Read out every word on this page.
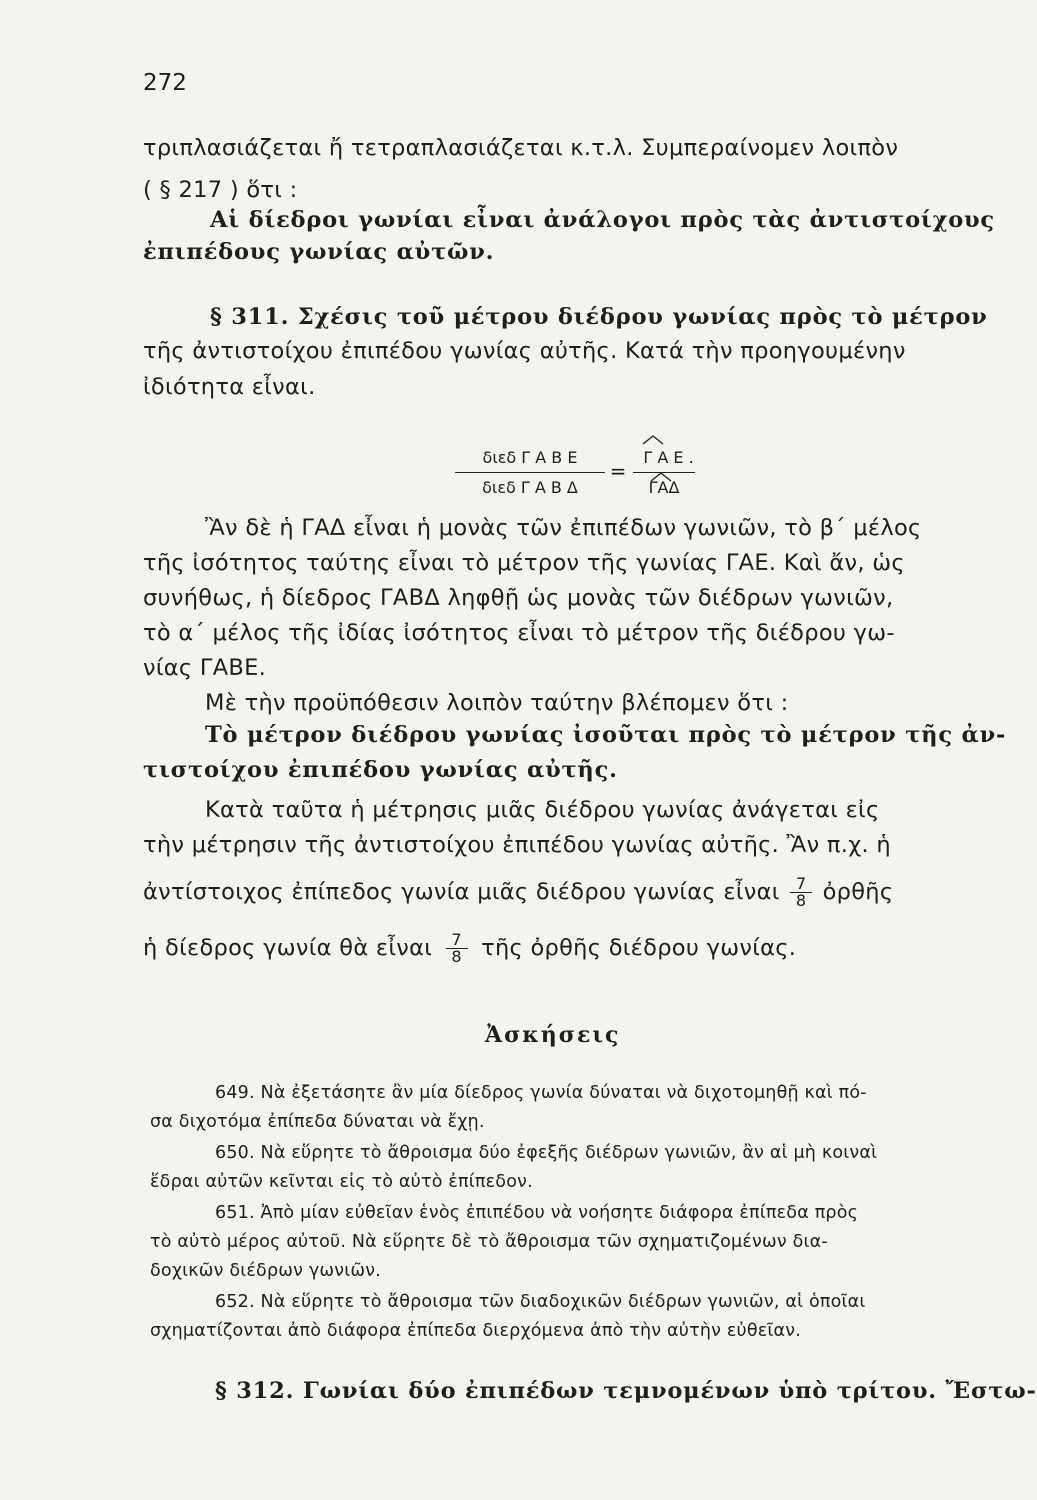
272
τριπλασιάζεται ἤ τετραπλασιάζεται κ.τ.λ. Συμπεραίνομεν λοιπὸν
( § 217 ) ὅτι :
Αἱ δίεδροι γωνίαι εἶναι ἀνάλογοι πρὸς τὰς ἀντιστοίχους
ἐπιπέδους γωνίας αὐτῶν.
§ 311. Σχέσις τοῦ μέτρου διέδρου γωνίας πρὸς τὸ μέτρον
τῆς ἀντιστοίχου ἐπιπέδου γωνίας αὐτῆς. Κατά τὴν προηγουμένην
ἰδιότητα εἶναι.
διεδ Γ Α Β Ε
διεδ Γ Α Β Δ
=
Γ Α Ε .
ΓΑΔ
Ἂν δὲ ἡ ΓΑΔ εἶναι ἡ μονὰς τῶν ἐπιπέδων γωνιῶν, τὸ β΄ μέλος
τῆς ἰσότητος ταύτης εἶναι τὸ μέτρον τῆς γωνίας ΓΑΕ. Καὶ ἄν, ὡς
συνήθως, ἡ δίεδρος ΓΑΒΔ ληφθῇ ὡς μονὰς τῶν διέδρων γωνιῶν,
τὸ α΄ μέλος τῆς ἰδίας ἰσότητος εἶναι τὸ μέτρον τῆς διέδρου γω-
νίας ΓΑΒΕ.
Μὲ τὴν προϋπόθεσιν λοιπὸν ταύτην βλέπομεν ὅτι :
Τὸ μέτρον διέδρου γωνίας ἰσοῦται πρὸς τὸ μέτρον τῆς ἀν-
τιστοίχου ἐπιπέδου γωνίας αὐτῆς.
Κατὰ ταῦτα ἡ μέτρησις μιᾶς διέδρου γωνίας ἀνάγεται εἰς
τὴν μέτρησιν τῆς ἀντιστοίχου ἐπιπέδου γωνίας αὐτῆς. Ἂν π.χ. ἡ
ἀντίστοιχος ἐπίπεδος γωνία μιᾶς διέδρου γωνίας εἶναι $\frac{7}{8}$ ὀρθῆς
ἡ δίεδρος γωνία θὰ εἶναι $\frac{7}{8}$ τῆς ὀρθῆς διέδρου γωνίας.
Ἀσκήσεις
649. Νὰ ἐξετάσητε ἂν μία δίεδρος γωνία δύναται νὰ διχοτομηθῇ καὶ πό-
σα διχοτόμα ἐπίπεδα δύναται νὰ ἔχῃ.
650. Νὰ εὕρητε τὸ ἄθροισμα δύο ἐφεξῆς διέδρων γωνιῶν, ἂν αἱ μὴ κοιναὶ
ἕδραι αὐτῶν κεῖνται εἰς τὸ αὐτὸ ἐπίπεδον.
651. Ἀπὸ μίαν εὐθεῖαν ἑνὸς ἐπιπέδου νὰ νοήσητε διάφορα ἐπίπεδα πρὸς
τὸ αὐτὸ μέρος αὐτοῦ. Νὰ εὕρητε δὲ τὸ ἄθροισμα τῶν σχηματιζομένων δια-
δοχικῶν διέδρων γωνιῶν.
652. Νὰ εὕρητε τὸ ἄθροισμα τῶν διαδοχικῶν διέδρων γωνιῶν, αἱ ὁποῖαι
σχηματίζονται ἀπὸ διάφορα ἐπίπεδα διερχόμενα ἀπὸ τὴν αὐτὴν εὐθεῖαν.
§ 312. Γωνίαι δύο ἐπιπέδων τεμνομένων ὑπὸ τρίτου. Ἔστω-
